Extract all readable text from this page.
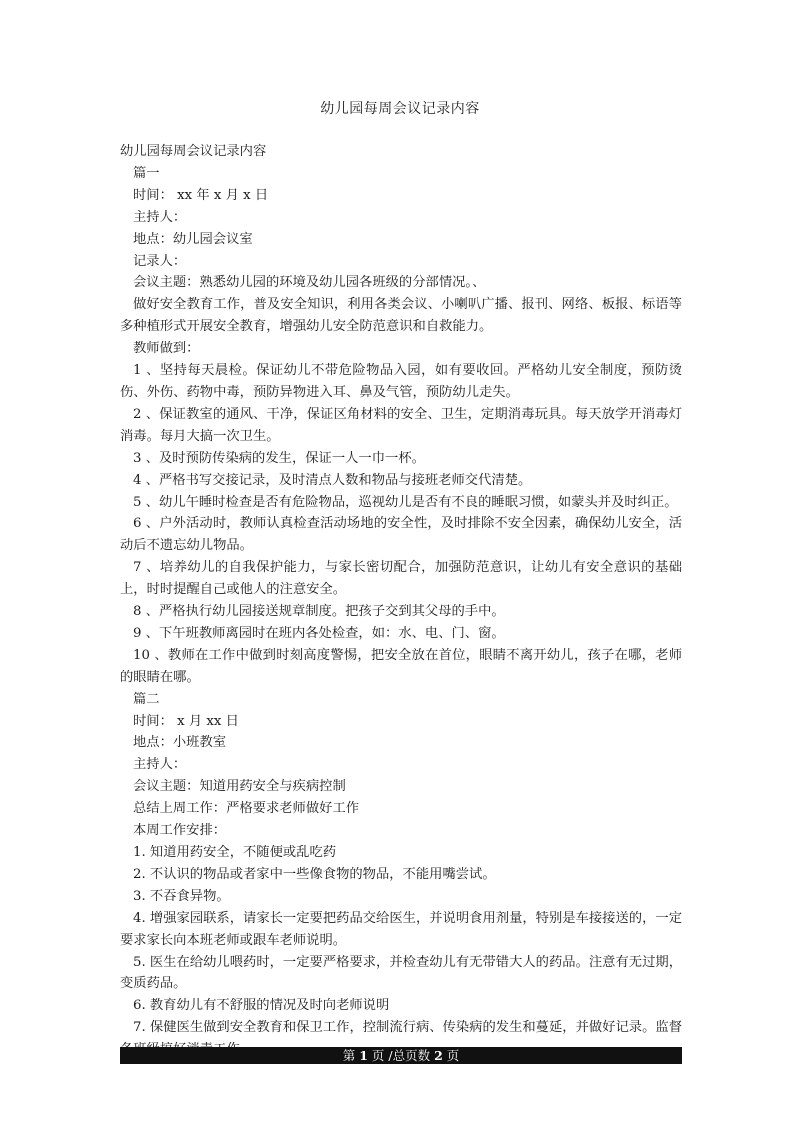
幼儿园每周会议记录内容

幼儿园每周会议记录内容

篇一

时间： xx 年 x 月 x 日

主持人：

地点：幼儿园会议室

记录人：

会议主题：熟悉幼儿园的环境及幼儿园各班级的分部情况。、

做好安全教育工作，普及安全知识，利用各类会议、小喇叭广播、报刊、网络、板报、标语等多种植形式开展安全教育，增强幼儿安全防范意识和自救能力。

教师做到：

1 、坚持每天晨检。保证幼儿不带危险物品入园，如有要收回。严格幼儿安全制度，预防烫伤、外伤、药物中毒，预防异物进入耳、鼻及气管，预防幼儿走失。

2 、保证教室的通风、干净，保证区角材料的安全、卫生，定期消毒玩具。每天放学开消毒灯消毒。每月大搞一次卫生。

3 、及时预防传染病的发生，保证一人一巾一杯。

4 、严格书写交接记录，及时清点人数和物品与接班老师交代清楚。

5 、幼儿午睡时检查是否有危险物品，巡视幼儿是否有不良的睡眠习惯，如蒙头并及时纠正。

6 、户外活动时，教师认真检查活动场地的安全性，及时排除不安全因素，确保幼儿安全，活动后不遗忘幼儿物品。

7 、培养幼儿的自我保护能力，与家长密切配合，加强防范意识，让幼儿有安全意识的基础上，时时提醒自己或他人的注意安全。

8 、严格执行幼儿园接送规章制度。把孩子交到其父母的手中。

9 、下午班教师离园时在班内各处检查，如：水、电、门、窗。

10 、教师在工作中做到时刻高度警惕，把安全放在首位，眼睛不离开幼儿，孩子在哪，老师的眼睛在哪。

篇二

时间： x 月 xx 日

地点：小班教室

主持人：

会议主题：知道用药安全与疾病控制

总结上周工作：严格要求老师做好工作

本周工作安排：

1. 知道用药安全，不随便或乱吃药

2. 不认识的物品或者家中一些像食物的物品，不能用嘴尝试。

3. 不吞食异物。

4. 增强家园联系，请家长一定要把药品交给医生，并说明食用剂量，特别是车接接送的，一定要求家长向本班老师或跟车老师说明。

5. 医生在给幼儿喂药时，一定要严格要求，并检查幼儿有无带错大人的药品。注意有无过期，变质药品。

6. 教育幼儿有不舒服的情况及时向老师说明

7. 保健医生做到安全教育和保卫工作，控制流行病、传染病的发生和蔓延，并做好记录。监督

第 1 页 /总页数 2 页
